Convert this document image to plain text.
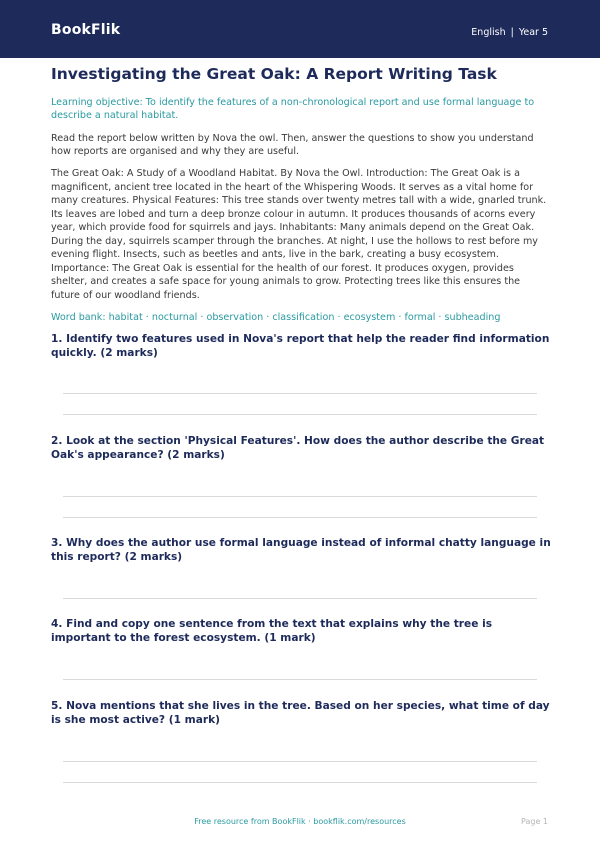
BookFlik	English | Year 5
Investigating the Great Oak: A Report Writing Task
Learning objective: To identify the features of a non-chronological report and use formal language to describe a natural habitat.
Read the report below written by Nova the owl. Then, answer the questions to show you understand how reports are organised and why they are useful.
The Great Oak: A Study of a Woodland Habitat. By Nova the Owl. Introduction: The Great Oak is a magnificent, ancient tree located in the heart of the Whispering Woods. It serves as a vital home for many creatures. Physical Features: This tree stands over twenty metres tall with a wide, gnarled trunk. Its leaves are lobed and turn a deep bronze colour in autumn. It produces thousands of acorns every year, which provide food for squirrels and jays. Inhabitants: Many animals depend on the Great Oak. During the day, squirrels scamper through the branches. At night, I use the hollows to rest before my evening flight. Insects, such as beetles and ants, live in the bark, creating a busy ecosystem. Importance: The Great Oak is essential for the health of our forest. It produces oxygen, provides shelter, and creates a safe space for young animals to grow. Protecting trees like this ensures the future of our woodland friends.
Word bank: habitat · nocturnal · observation · classification · ecosystem · formal · subheading
1. Identify two features used in Nova's report that help the reader find information quickly. (2 marks)
2. Look at the section 'Physical Features'. How does the author describe the Great Oak's appearance? (2 marks)
3. Why does the author use formal language instead of informal chatty language in this report? (2 marks)
4. Find and copy one sentence from the text that explains why the tree is important to the forest ecosystem. (1 mark)
5. Nova mentions that she lives in the tree. Based on her species, what time of day is she most active? (1 mark)
Free resource from BookFlik · bookflik.com/resources	Page 1
